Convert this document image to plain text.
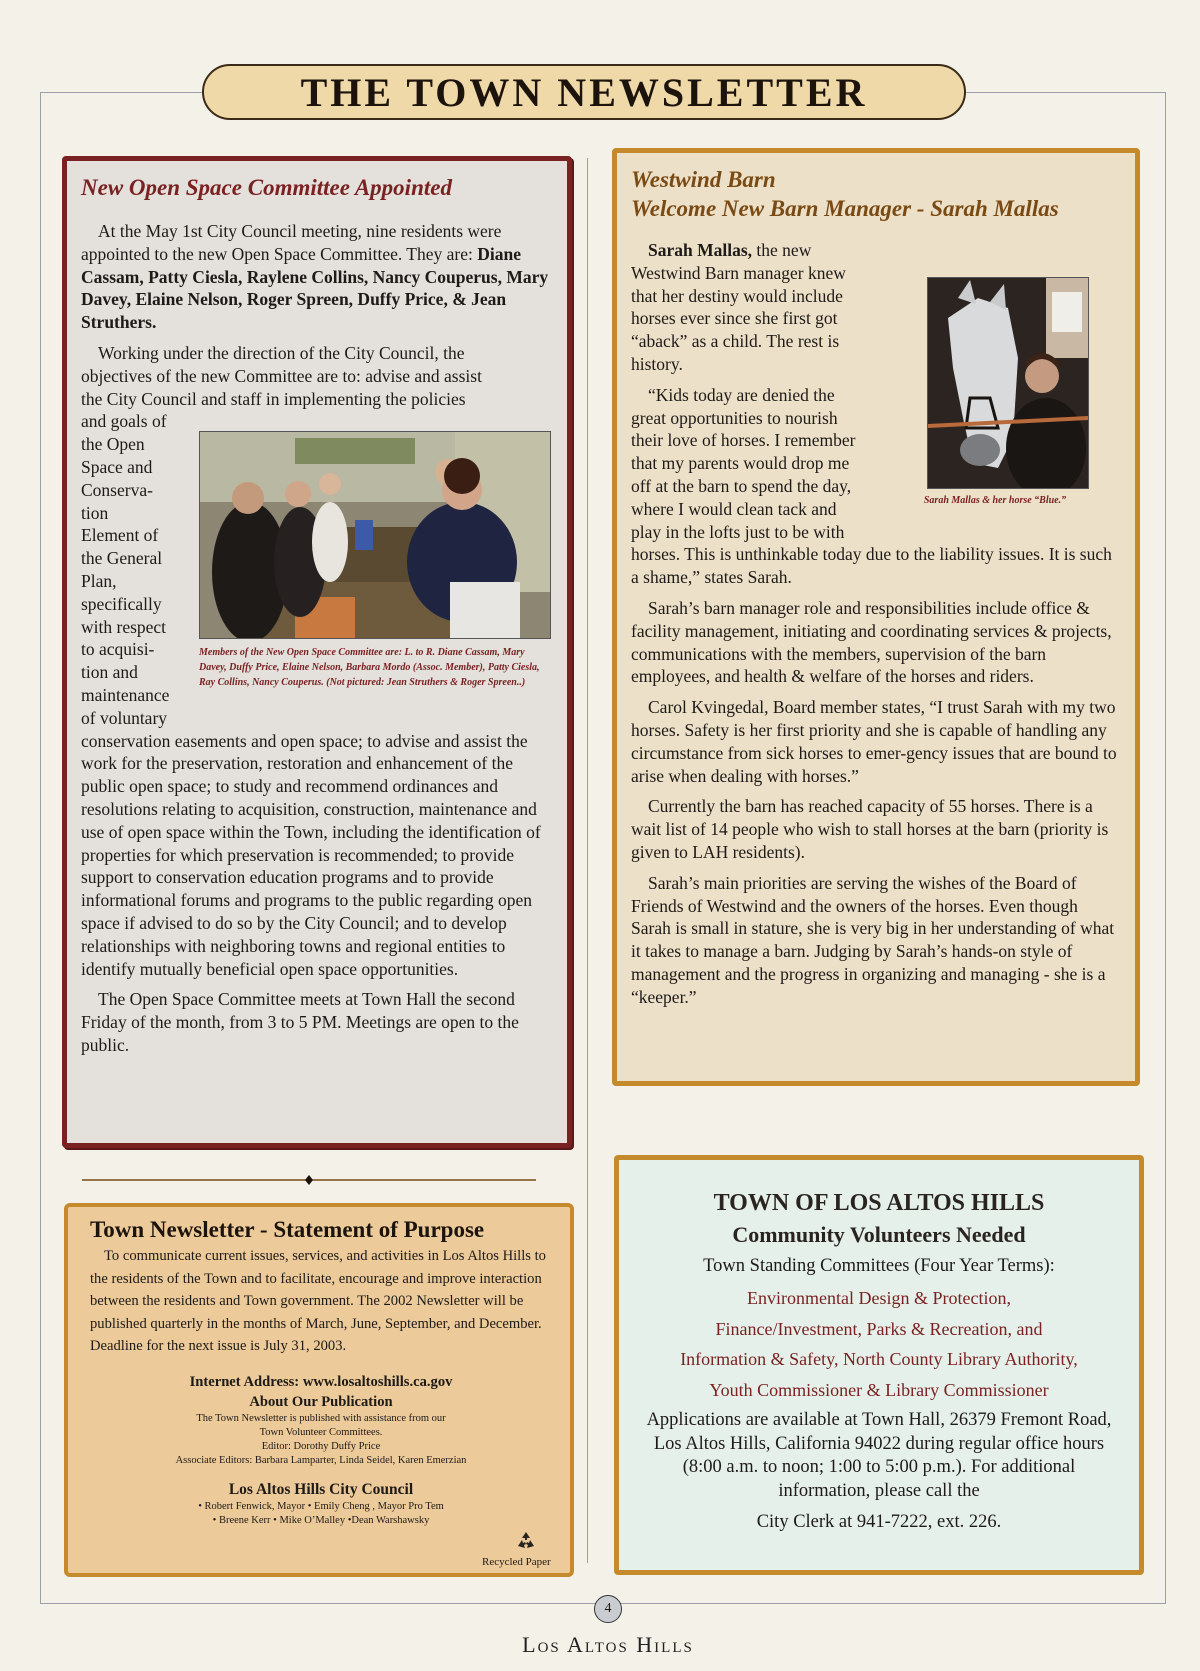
THE TOWN NEWSLETTER
New Open Space Committee Appointed

At the May 1st City Council meeting, nine residents were appointed to the new Open Space Committee. They are: Diane Cassam, Patty Ciesla, Raylene Collins, Nancy Couperus, Mary Davey, Elaine Nelson, Roger Spreen, Duffy Price, & Jean Struthers.

Working under the direction of the City Council, the
objectives of the new Committee are to: advise and assist
the City Council and staff in implementing the policies
and goals of
the Open
Space and
Conserva-
tion
Element of
the General
Plan,
specifically
with respect
to acquisi-
tion and
maintenance
of voluntary
conservation easements and open space; to advise and assist the work for the preservation, restoration and enhancement of the public open space; to study and recommend ordinances and resolutions relating to acquisition, construction, maintenance and use of open space within the Town, including the identification of properties for which preservation is recommended; to provide support to conservation education programs and to provide informational forums and programs to the public regarding open space if advised to do so by the City Council; and to develop relationships with neighboring towns and regional entities to identify mutually beneficial open space opportunities.

The Open Space Committee meets at Town Hall the second Friday of the month, from 3 to 5 PM. Meetings are open to the public.

Members of the New Open Space Committee are: L. to R. Diane Cassam, Mary Davey, Duffy Price, Elaine Nelson, Barbara Mordo (Assoc. Member), Patty Ciesla, Ray Collins, Nancy Couperus. (Not pictured: Jean Struthers & Roger Spreen..)

Westwind Barn
Welcome New Barn Manager - Sarah Mallas
Sarah Mallas, the new
Westwind Barn manager knew
that her destiny would include
horses ever since she first got
“aback” as a child. The rest is
history.
“Kids today are denied the
great opportunities to nourish
their love of horses. I remember
that my parents would drop me
off at the barn to spend the day,
where I would clean tack and
play in the lofts just to be with
horses. This is unthinkable today due to the liability issues. It is such a shame,” states Sarah.

Sarah’s barn manager role and responsibilities include office & facility management, initiating and coordinating services & projects, communications with the members, supervision of the barn employees, and health & welfare of the horses and riders.

Carol Kvingedal, Board member states, “I trust Sarah with my two horses. Safety is her first priority and she is capable of handling any circumstance from sick horses to emer-gency issues that are bound to arise when dealing with horses.”

Currently the barn has reached capacity of 55 horses. There is a wait list of 14 people who wish to stall horses at the barn (priority is given to LAH residents).

Sarah’s main priorities are serving the wishes of the Board of Friends of Westwind and the owners of the horses. Even though Sarah is small in stature, she is very big in her understanding of what it takes to manage a barn. Judging by Sarah’s hands-on style of management and the progress in organizing and managing - she is a “keeper.”

Sarah Mallas & her horse “Blue.”

Town Newsletter - Statement of Purpose

To communicate current issues, services, and activities in Los Altos Hills to the residents of the Town and to facilitate, encourage and improve interaction between the residents and Town government. The 2002 Newsletter will be published quarterly in the months of March, June, September, and December. Deadline for the next issue is July 31, 2003.

Internet Address: www.losaltoshills.ca.gov

About Our Publication

The Town Newsletter is published with assistance from our

Town Volunteer Committees.

Editor: Dorothy Duffy Price

Associate Editors: Barbara Lamparter, Linda Seidel, Karen Emerzian

Los Altos Hills City Council

• Robert Fenwick, Mayor • Emily Cheng , Mayor Pro Tem

• Breene Kerr • Mike O’Malley •Dean Warshawsky

Recycled Paper
TOWN OF LOS ALTOS HILLS
Community Volunteers Needed

Town Standing Committees (Four Year Terms):

Environmental Design & Protection,
Finance/Investment, Parks & Recreation, and
Information & Safety, North County Library Authority,
Youth Commissioner & Library Commissioner

Applications are available at Town Hall, 26379 Fremont Road, Los Altos Hills, California 94022 during regular office hours (8:00 a.m. to noon; 1:00 to 5:00 p.m.). For additional information, please call the

City Clerk at 941-7222, ext. 226.

4
Los Altos Hills
